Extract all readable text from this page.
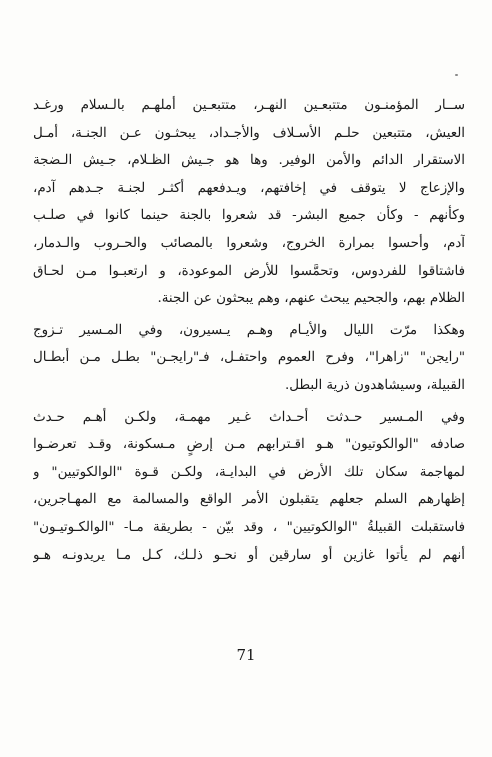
ســار المؤمنـون متتبعـين النهـر، متتبعـين أملهـم بالـسلام ورغـد
العيش، متتبعين حلـم الأسـلاف والأجـداد، يبحثـون عـن الجنـة، أمـل
الاستقرار الدائم والأمن الوفير. وها هو جـيش الظـلام، جـيش الـضجة
والإزعاج لا يتوقف في إخافتهم، ويـدفعهم أكثـر لجنـة جـدهم آدم،
وكأنهم - وكأن جميع البشر- قد شعروا بالجنة حينما كانوا في صلـب
آدم، وأحسوا بمرارة الخروج، وشعروا بالمصائب والحـروب والـدمار،
فاشتاقوا للفردوس، وتحمَّسوا للأرض الموعودة، و ارتعبـوا مـن لحـاق
الظلام بهم، والجحيم يبحث عنهم، وهم يبحثون عن الجنة.
وهكذا مرّت الليال والأيـام وهـم يـسيرون، وفي المـسير تـزوج
"رايجن" "زاهرا"، وفرح العموم واحتفـل، فـ"رايجـن" بطـل مـن أبطـال
القبيلة، وسيشاهدون ذرية البطل.
وفي المـسير حـدثت أحـداث غـير مهمـة، ولكـن أهـم حـدث
صادفه "الوالكوتيون" هـو اقـترابهم مـن إرضٍ مـسكونة، وقـد تعرضـوا
لمهاجمة سكان تلك الأرض في البدايـة، ولكـن قـوة "الوالكوتيين" و
إظهارهم السلم جعلهم يتقبلون الأمر الواقع والمسالمة مع المهـاجرين،
فاستقبلت القبيلةُ "الوالكوتيين" ، وقد بيّن - بطريقة مـا- "الوالكـوتيـون"
أنهم لم يأتوا غازين أو سارقين أو نحـو ذلـك، كـل مـا يريدونـه هـو
71
